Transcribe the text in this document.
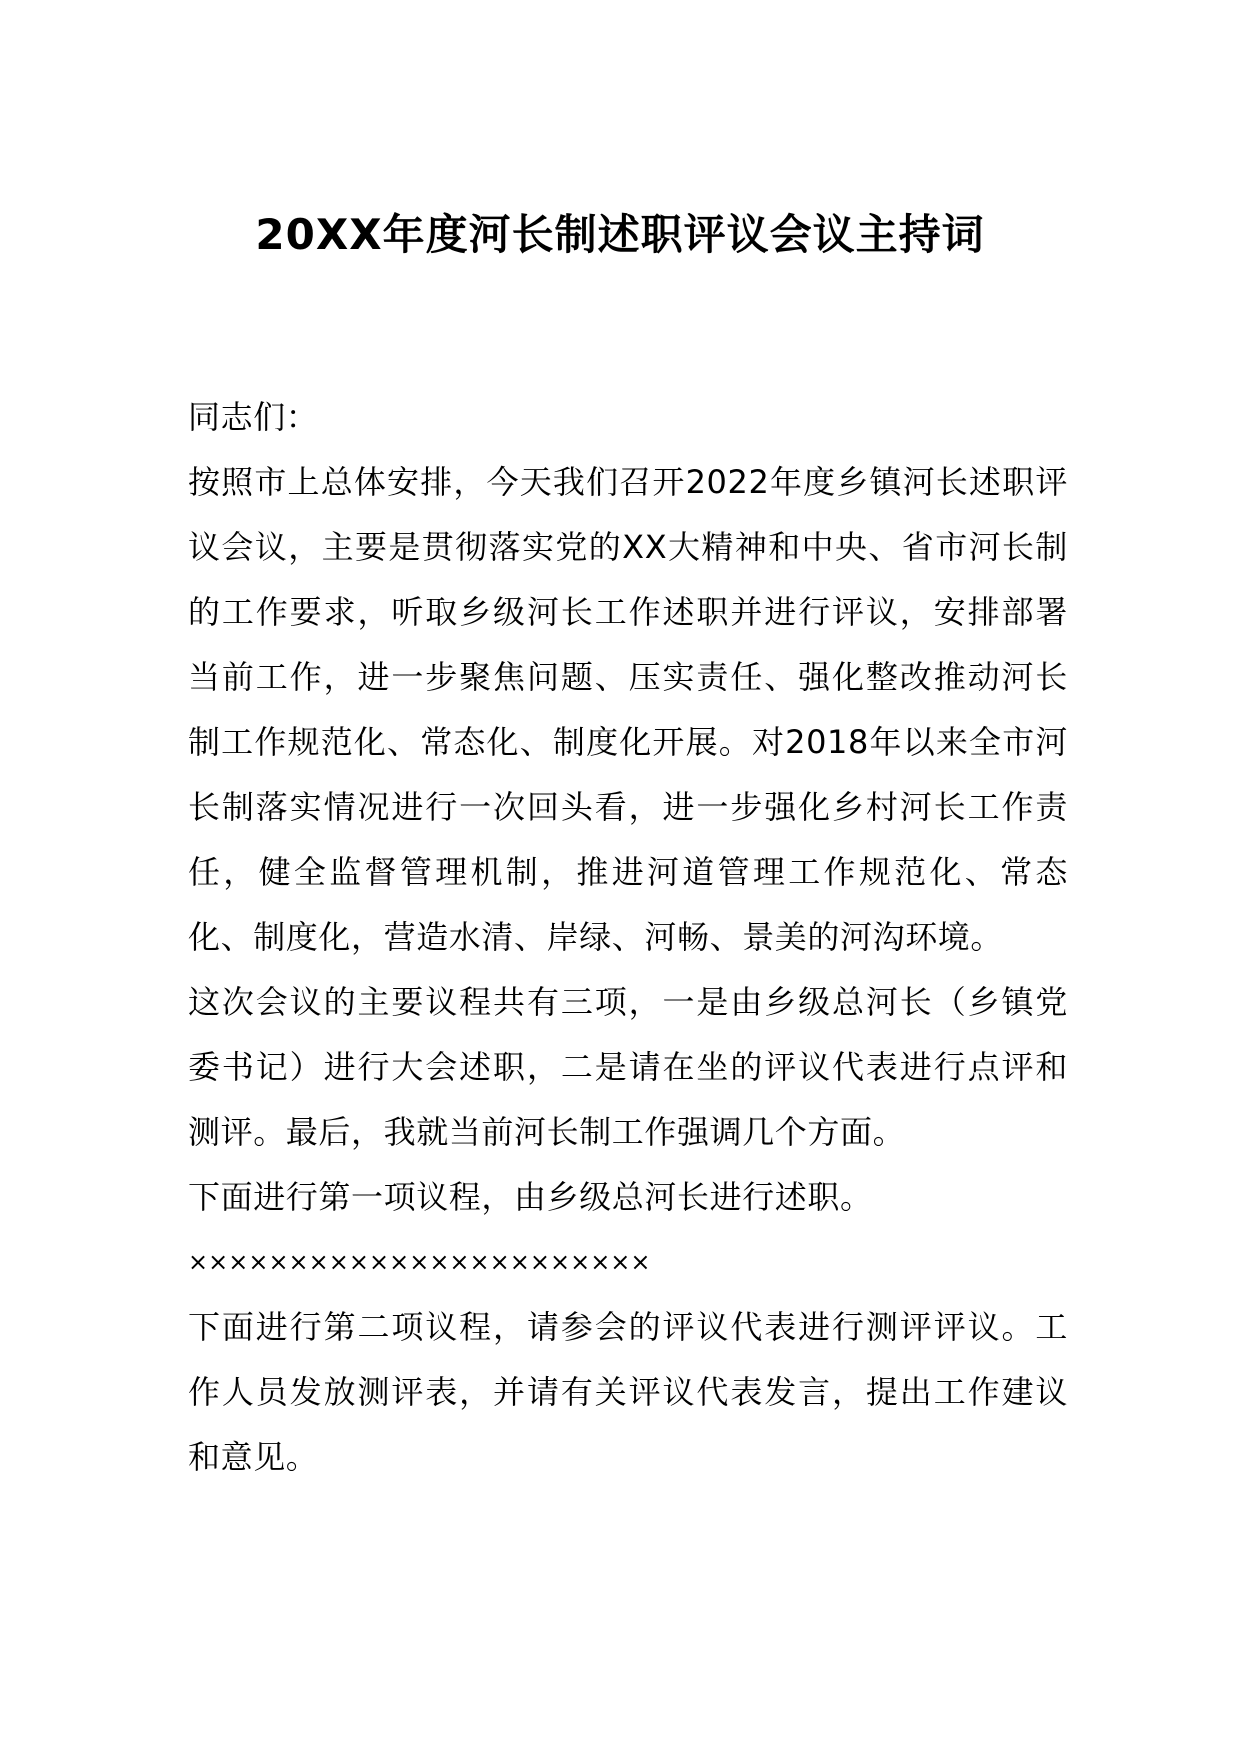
20XX年度河长制述职评议会议主持词

同志们：

按照市上总体安排，今天我们召开2022年度乡镇河长述职评议会议，主要是贯彻落实党的XX大精神和中央、省市河长制的工作要求，听取乡级河长工作述职并进行评议，安排部署当前工作，进一步聚焦问题、压实责任、强化整改推动河长制工作规范化、常态化、制度化开展。对2018年以来全市河长制落实情况进行一次回头看，进一步强化乡村河长工作责任，健全监督管理机制，推进河道管理工作规范化、常态化、制度化，营造水清、岸绿、河畅、景美的河沟环境。

这次会议的主要议程共有三项，一是由乡级总河长（乡镇党委书记）进行大会述职，二是请在坐的评议代表进行点评和测评。最后，我就当前河长制工作强调几个方面。

下面进行第一项议程，由乡级总河长进行述职。

×××××××××××××××××××××××

下面进行第二项议程，请参会的评议代表进行测评评议。工作人员发放测评表，并请有关评议代表发言，提出工作建议和意见。
